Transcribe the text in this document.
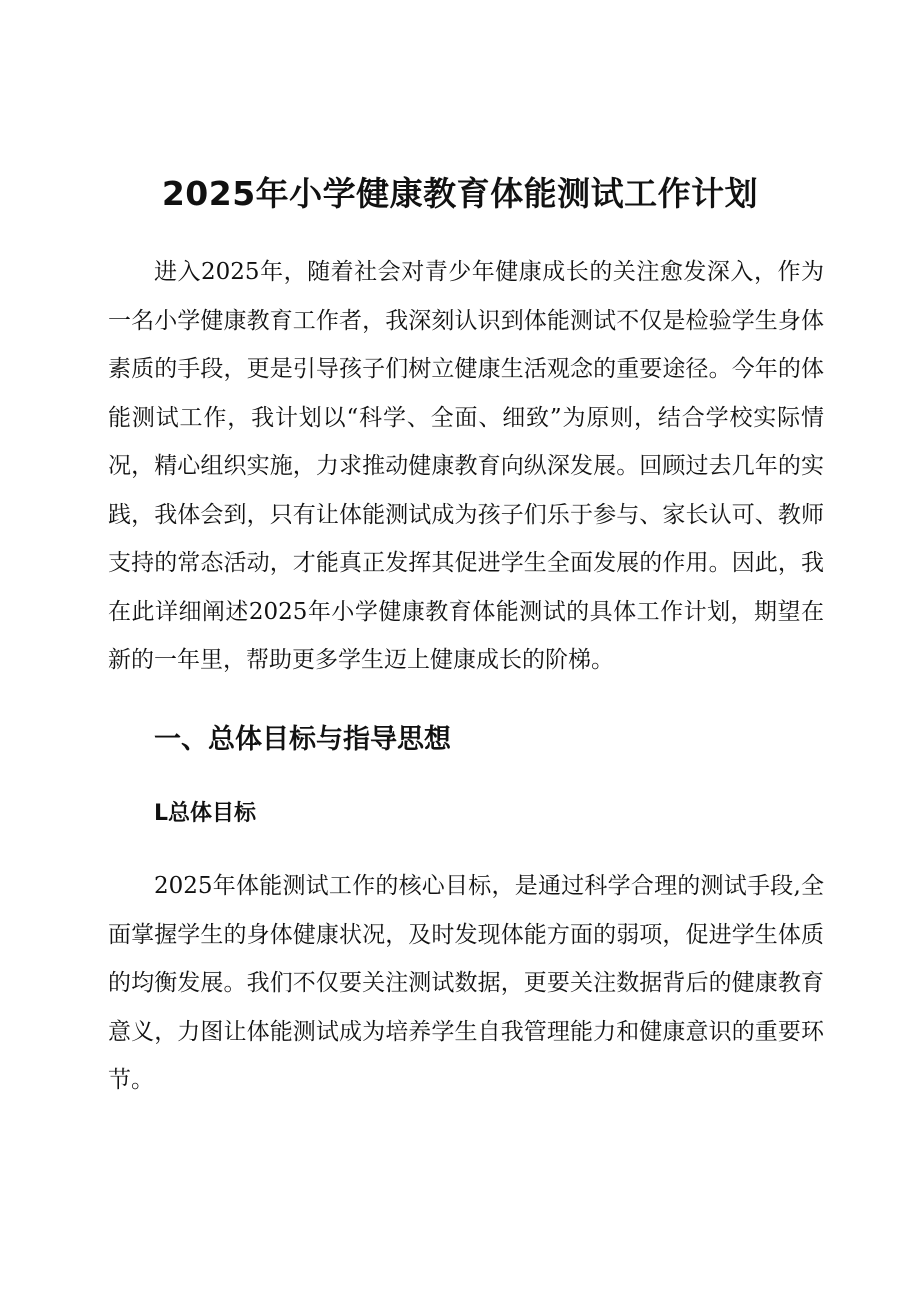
2025年小学健康教育体能测试工作计划

进入2025年，随着社会对青少年健康成长的关注愈发深入，作为一名小学健康教育工作者，我深刻认识到体能测试不仅是检验学生身体素质的手段，更是引导孩子们树立健康生活观念的重要途径。今年的体能测试工作，我计划以“科学、全面、细致”为原则，结合学校实际情况，精心组织实施，力求推动健康教育向纵深发展。回顾过去几年的实践，我体会到，只有让体能测试成为孩子们乐于参与、家长认可、教师支持的常态活动，才能真正发挥其促进学生全面发展的作用。因此，我在此详细阐述2025年小学健康教育体能测试的具体工作计划，期望在新的一年里，帮助更多学生迈上健康成长的阶梯。

一、总体目标与指导思想
L总体目标

2025年体能测试工作的核心目标，是通过科学合理的测试手段,全面掌握学生的身体健康状况，及时发现体能方面的弱项，促进学生体质的均衡发展。我们不仅要关注测试数据，更要关注数据背后的健康教育意义，力图让体能测试成为培养学生自我管理能力和健康意识的重要环节。
